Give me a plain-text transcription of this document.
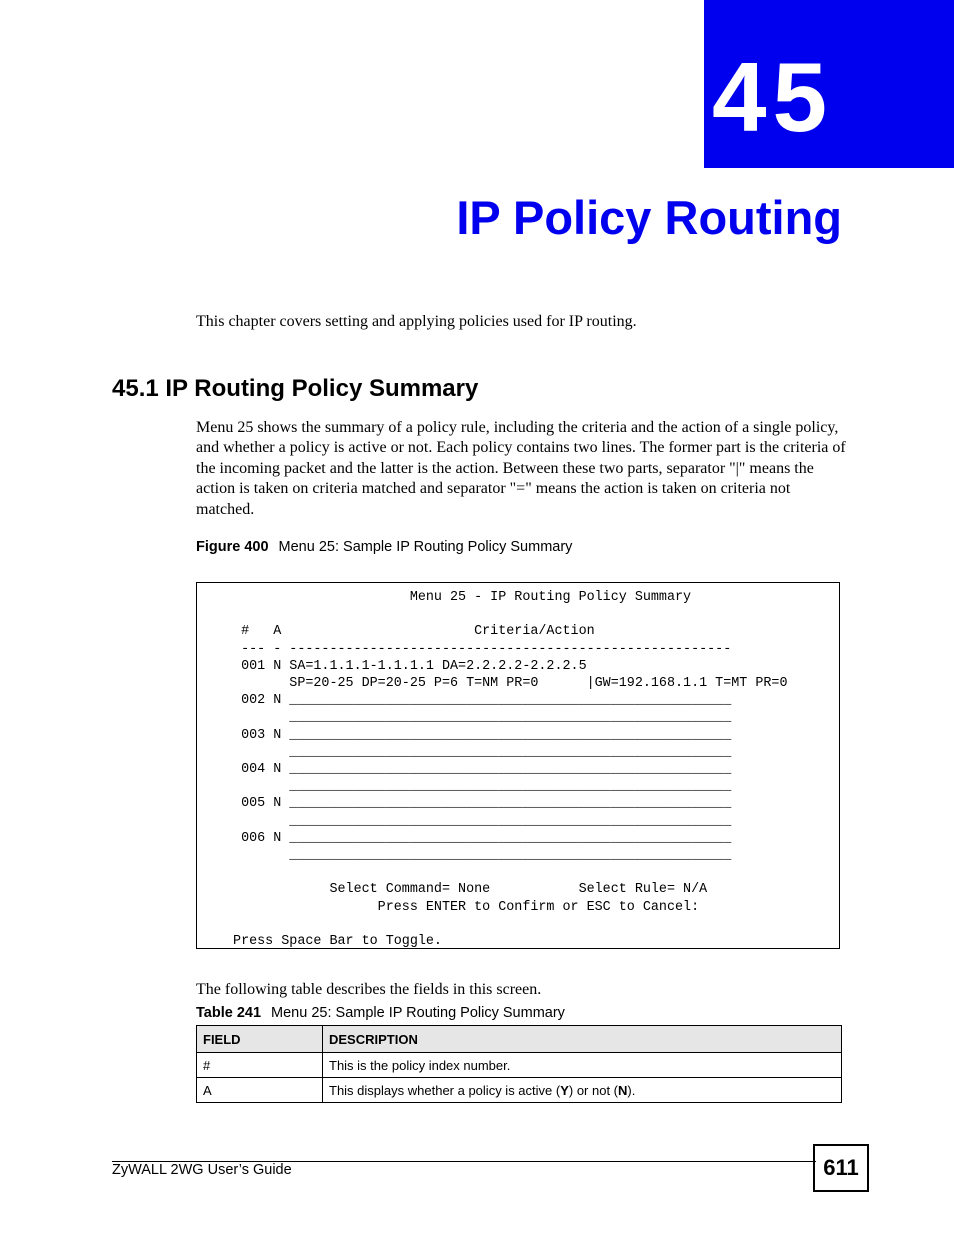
45
IP Policy Routing
This chapter covers setting and applying policies used for IP routing.
45.1 IP Routing Policy Summary
Menu 25 shows the summary of a policy rule, including the criteria and the action of a single policy, and whether a policy is active or not. Each policy contains two lines. The former part is the criteria of the incoming packet and the latter is the action. Between these two parts, separator "|" means the action is taken on criteria matched and separator "=" means the action is taken on criteria not matched.
Figure 400 Menu 25: Sample IP Routing Policy Summary
Menu 25 - IP Routing Policy Summary

#   A                        Criteria/Action
--- - -------------------------------------------------------
001 N SA=1.1.1.1-1.1.1.1 DA=2.2.2.2-2.2.2.5
SP=20-25 DP=20-25 P=6 T=NM PR=0      |GW=192.168.1.1 T=MT PR=0
002 N _______________________________________________________
_______________________________________________________
003 N _______________________________________________________
_______________________________________________________
004 N _______________________________________________________
_______________________________________________________
005 N _______________________________________________________
_______________________________________________________
006 N _______________________________________________________
_______________________________________________________

Select Command= None           Select Rule= N/A
Press ENTER to Confirm or ESC to Cancel:

Press Space Bar to Toggle.
The following table describes the fields in this screen.
Table 241 Menu 25: Sample IP Routing Policy Summary
FIELD	DESCRIPTION
#	This is the policy index number.
A	This displays whether a policy is active (Y) or not (N).
ZyWALL 2WG User’s Guide	611
